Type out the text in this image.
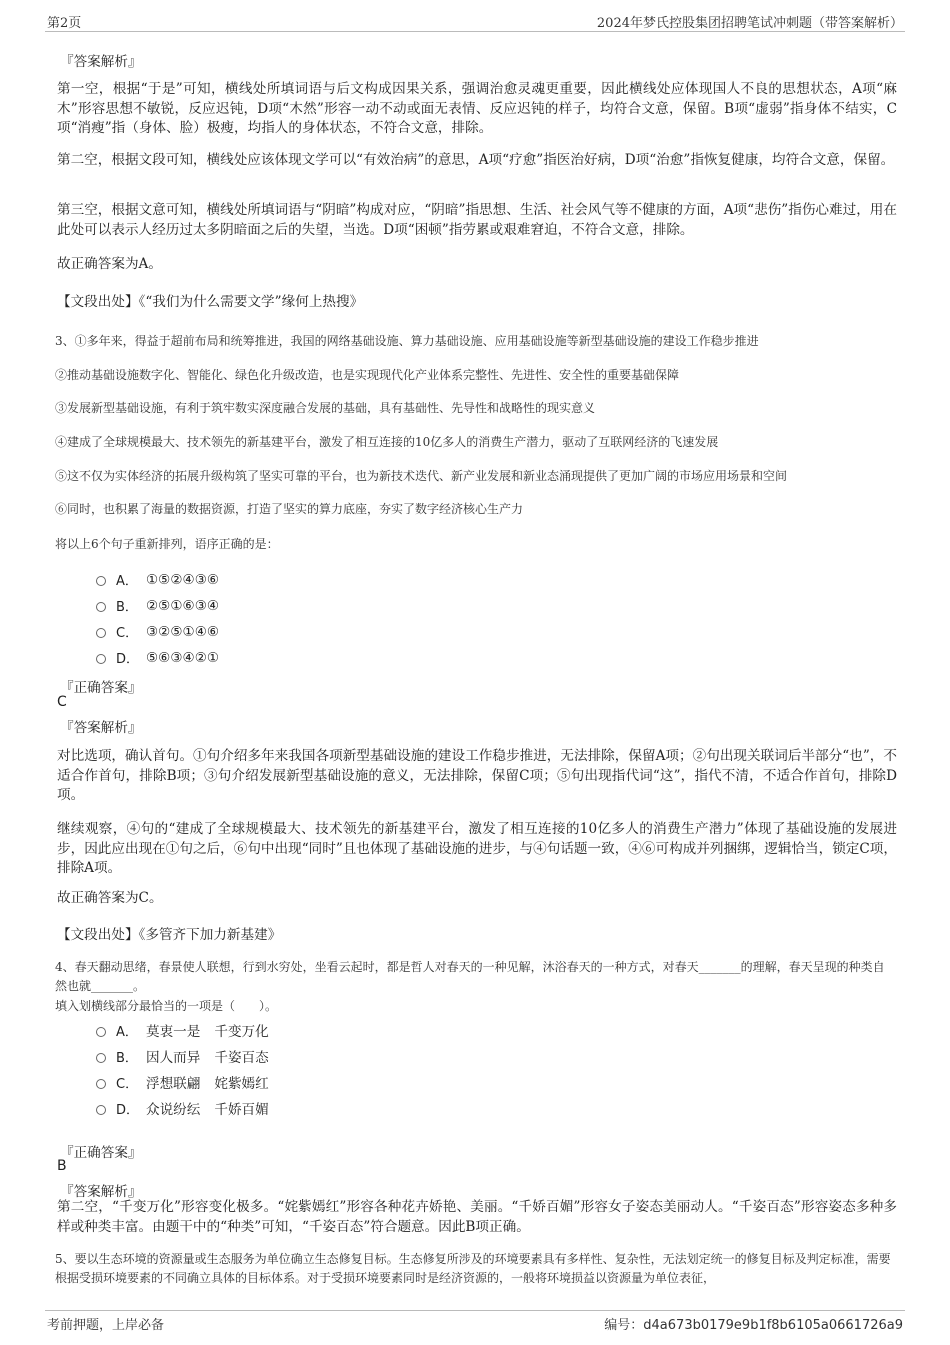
第2页	2024年梦氏控股集团招聘笔试冲刺题（带答案解析）
『答案解析』

第一空，根据“于是”可知，横线处所填词语与后文构成因果关系，强调治愈灵魂更重要，因此横线处应体现国人不良的思想状态，A项“麻木”形容思想不敏锐，反应迟钝，D项“木然”形容一动不动或面无表情、反应迟钝的样子，均符合文意，保留。B项“虚弱”指身体不结实，C项“消瘦”指（身体、脸）极瘦，均指人的身体状态，不符合文意，排除。

第二空，根据文段可知，横线处应该体现文学可以“有效治病”的意思，A项“疗愈”指医治好病，D项“治愈”指恢复健康，均符合文意，保留。

第三空，根据文意可知，横线处所填词语与“阴暗”构成对应，“阴暗”指思想、生活、社会风气等不健康的方面，A项“悲伤”指伤心难过，用在此处可以表示人经历过太多阴暗面之后的失望，当选。D项“困顿”指劳累或艰难窘迫，不符合文意，排除。

故正确答案为A。

【文段出处】《“我们为什么需要文学”缘何上热搜》

3、①多年来，得益于超前布局和统筹推进，我国的网络基础设施、算力基础设施、应用基础设施等新型基础设施的建设工作稳步推进

②推动基础设施数字化、智能化、绿色化升级改造，也是实现现代化产业体系完整性、先进性、安全性的重要基础保障

③发展新型基础设施，有利于筑牢数实深度融合发展的基础，具有基础性、先导性和战略性的现实意义

④建成了全球规模最大、技术领先的新基建平台，激发了相互连接的10亿多人的消费生产潜力，驱动了互联网经济的飞速发展

⑤这不仅为实体经济的拓展升级构筑了坚实可靠的平台，也为新技术迭代、新产业发展和新业态涌现提供了更加广阔的市场应用场景和空间

⑥同时，也积累了海量的数据资源，打造了坚实的算力底座，夯实了数字经济核心生产力

将以上6个句子重新排列，语序正确的是：

A． ①⑤②④③⑥
B． ②⑤①⑥③④
C． ③②⑤①④⑥
D． ⑤⑥③④②①
『正确答案』
C
『答案解析』

对比选项，确认首句。①句介绍多年来我国各项新型基础设施的建设工作稳步推进，无法排除，保留A项；②句出现关联词后半部分“也”，不适合作首句，排除B项；③句介绍发展新型基础设施的意义，无法排除，保留C项；⑤句出现指代词“这”，指代不清，不适合作首句，排除D项。

继续观察，④句的“建成了全球规模最大、技术领先的新基建平台，激发了相互连接的10亿多人的消费生产潜力”体现了基础设施的发展进步，因此应出现在①句之后，⑥句中出现“同时”且也体现了基础设施的进步，与④句话题一致，④⑥可构成并列捆绑，逻辑恰当，锁定C项，排除A项。

故正确答案为C。

【文段出处】《多管齐下加力新基建》

4、春天翻动思绪，春景使人联想，行到水穷处，坐看云起时，都是哲人对春天的一种见解，沐浴春天的一种方式，对春天_______的理解，春天呈现的种类自然也就_______。

填入划横线部分最恰当的一项是（　　）。

A． 莫衷一是 千变万化
B． 因人而异 千姿百态
C． 浮想联翩 姹紫嫣红
D． 众说纷纭 千娇百媚
『正确答案』
B
『答案解析』

第二空，“千变万化”形容变化极多。“姹紫嫣红”形容各种花卉娇艳、美丽。“千娇百媚”形容女子姿态美丽动人。“千姿百态”形容姿态多种多样或种类丰富。由题干中的“种类”可知，“千姿百态”符合题意。因此B项正确。

5、要以生态环境的资源量或生态服务为单位确立生态修复目标。生态修复所涉及的环境要素具有多样性、复杂性，无法划定统一的修复目标及判定标准，需要根据受损环境要素的不同确立具体的目标体系。对于受损环境要素同时是经济资源的，一般将环境损益以资源量为单位表征，

考前押题，上岸必备	编号：d4a673b0179e9b1f8b6105a0661726a9
